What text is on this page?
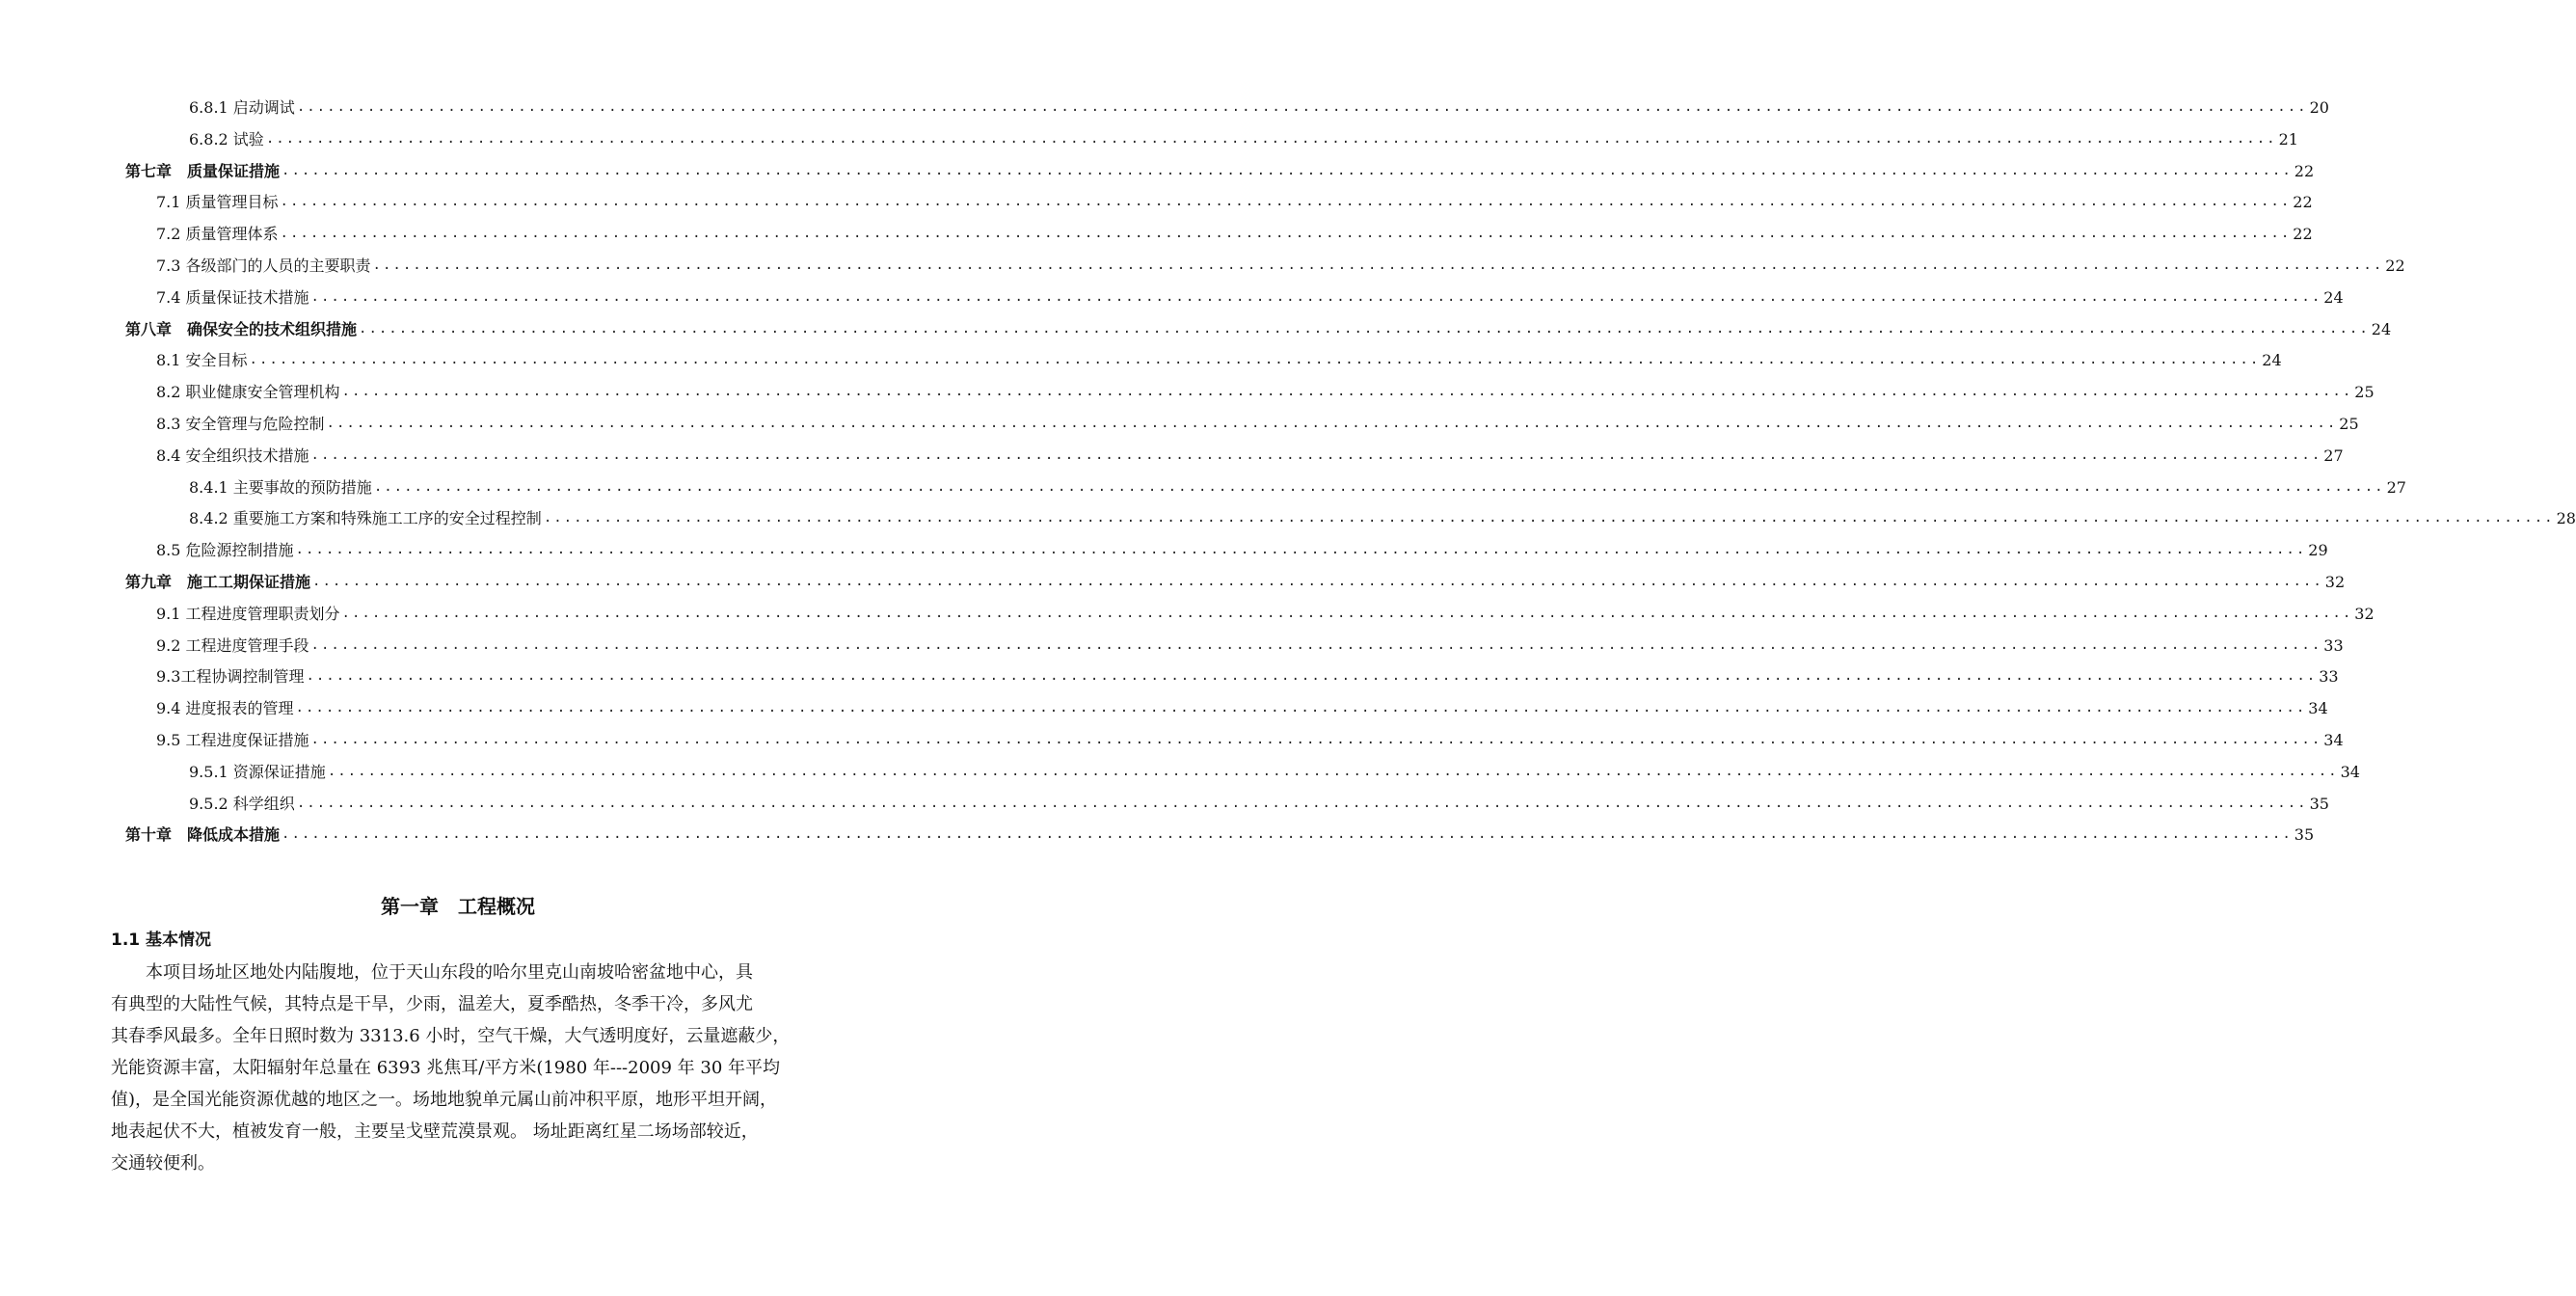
6.8.1 启动调试 ........................................................................................................................................................................................................ 20
6.8.2 试验 ........................................................................................................................................................................................................ 21
第七章　质量保证措施 ........................................................................................................................................................................................................ 22
7.1 质量管理目标 ........................................................................................................................................................................................................ 22
7.2 质量管理体系 ........................................................................................................................................................................................................ 22
7.3 各级部门的人员的主要职责 ........................................................................................................................................................................................................ 22
7.4 质量保证技术措施 ........................................................................................................................................................................................................ 24
第八章　确保安全的技术组织措施 ........................................................................................................................................................................................................ 24
8.1 安全目标 ........................................................................................................................................................................................................ 24
8.2 职业健康安全管理机构 ........................................................................................................................................................................................................ 25
8.3 安全管理与危险控制 ........................................................................................................................................................................................................ 25
8.4 安全组织技术措施 ........................................................................................................................................................................................................ 27
8.4.1 主要事故的预防措施 ........................................................................................................................................................................................................ 27
8.4.2 重要施工方案和特殊施工工序的安全过程控制 ........................................................................................................................................................................................................ 28
8.5 危险源控制措施 ........................................................................................................................................................................................................ 29
第九章　施工工期保证措施 ........................................................................................................................................................................................................ 32
9.1 工程进度管理职责划分 ........................................................................................................................................................................................................ 32
9.2 工程进度管理手段 ........................................................................................................................................................................................................ 33
9.3工程协调控制管理 ........................................................................................................................................................................................................ 33
9.4 进度报表的管理 ........................................................................................................................................................................................................ 34
9.5 工程进度保证措施 ........................................................................................................................................................................................................ 34
9.5.1 资源保证措施 ........................................................................................................................................................................................................ 34
9.5.2 科学组织 ........................................................................................................................................................................................................ 35
第十章　降低成本措施 ........................................................................................................................................................................................................ 35
第一章　工程概况
1.1 基本情况
本项目场址区地处内陆腹地，位于天山东段的哈尔里克山南坡哈密盆地中心，具
有典型的大陆性气候，其特点是干旱，少雨，温差大，夏季酷热，冬季干冷，多风尤
其春季风最多。全年日照时数为 3313.6 小时，空气干燥，大气透明度好，云量遮蔽少，
光能资源丰富，太阳辐射年总量在 6393 兆焦耳/平方米(1980 年---2009 年 30 年平均
值)，是全国光能资源优越的地区之一。场地地貌单元属山前冲积平原，地形平坦开阔，
地表起伏不大，植被发育一般，主要呈戈壁荒漠景观。 场址距离红星二场场部较近，
交通较便利。
